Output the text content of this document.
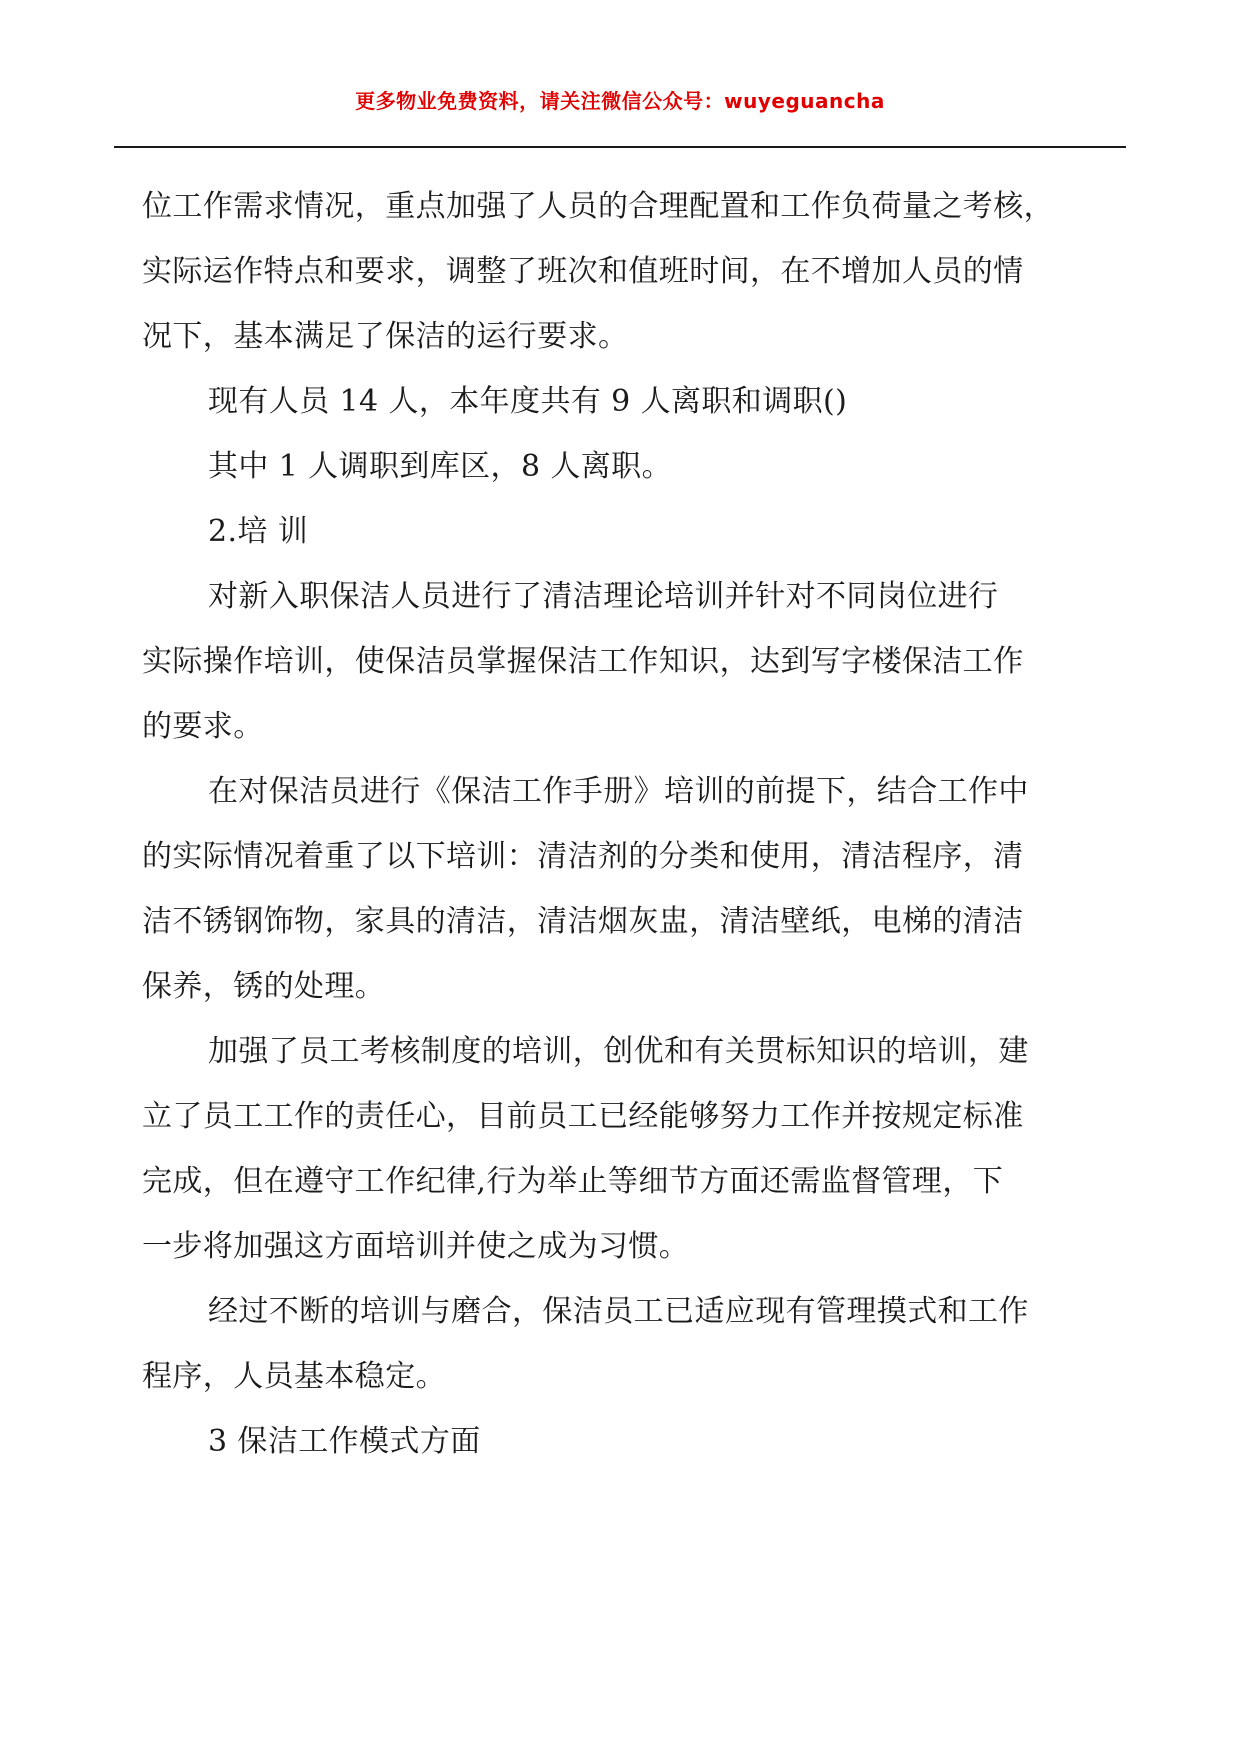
更多物业免费资料，请关注微信公众号：wuyeguancha
位工作需求情况，重点加强了人员的合理配置和工作负荷量之考核，
实际运作特点和要求，调整了班次和值班时间，在不增加人员的情
况下，基本满足了保洁的运行要求。
现有人员 14 人，本年度共有 9 人离职和调职()
其中 1 人调职到库区，8 人离职。
2.培 训
对新入职保洁人员进行了清洁理论培训并针对不同岗位进行
实际操作培训，使保洁员掌握保洁工作知识，达到写字楼保洁工作
的要求。
在对保洁员进行《保洁工作手册》培训的前提下，结合工作中
的实际情况着重了以下培训：清洁剂的分类和使用，清洁程序，清
洁不锈钢饰物，家具的清洁，清洁烟灰盅，清洁壁纸，电梯的清洁
保养，锈的处理。
加强了员工考核制度的培训，创优和有关贯标知识的培训，建
立了员工工作的责任心，目前员工已经能够努力工作并按规定标准
完成，但在遵守工作纪律,行为举止等细节方面还需监督管理，下
一步将加强这方面培训并使之成为习惯。
经过不断的培训与磨合，保洁员工已适应现有管理摸式和工作
程序，人员基本稳定。
3 保洁工作模式方面
